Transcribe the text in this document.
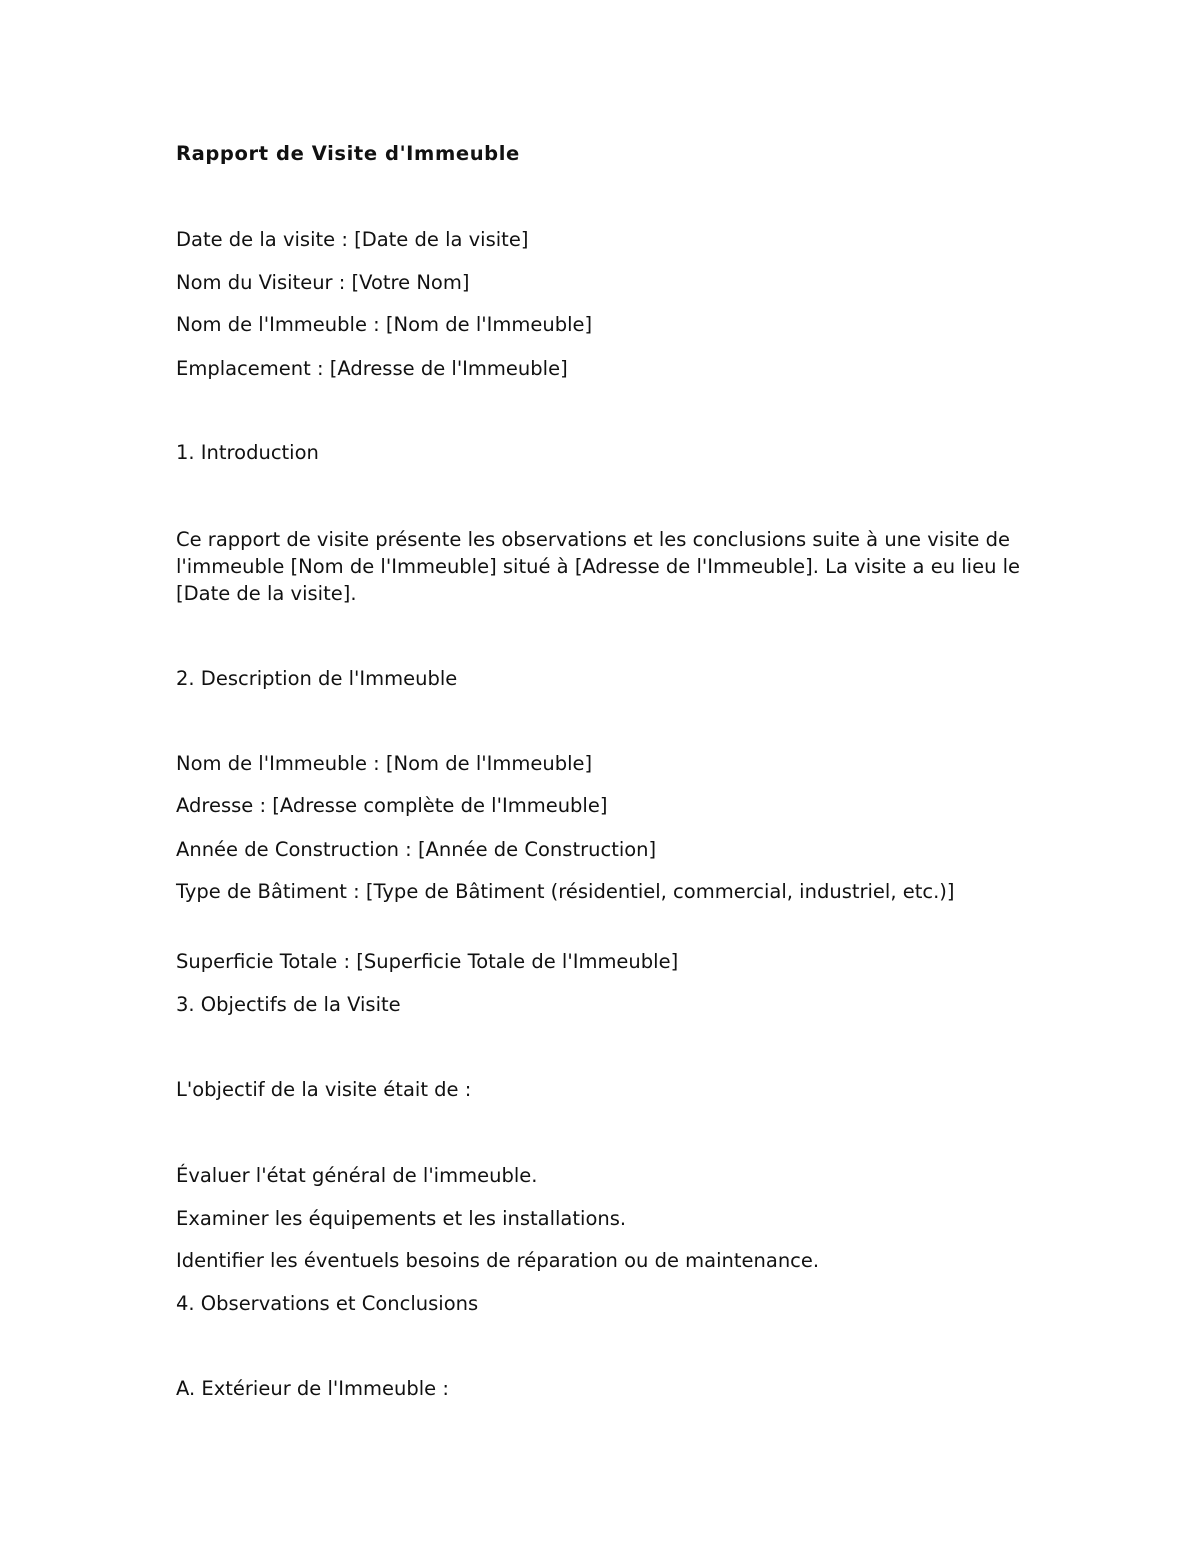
Rapport de Visite d'Immeuble
Date de la visite : [Date de la visite]
Nom du Visiteur : [Votre Nom]
Nom de l'Immeuble : [Nom de l'Immeuble]
Emplacement : [Adresse de l'Immeuble]
1. Introduction
Ce rapport de visite présente les observations et les conclusions suite à une visite de l'immeuble [Nom de l'Immeuble] situé à [Adresse de l'Immeuble]. La visite a eu lieu le [Date de la visite].
2. Description de l'Immeuble
Nom de l'Immeuble : [Nom de l'Immeuble]
Adresse : [Adresse complète de l'Immeuble]
Année de Construction : [Année de Construction]
Type de Bâtiment : [Type de Bâtiment (résidentiel, commercial, industriel, etc.)]
Superficie Totale : [Superficie Totale de l'Immeuble]
3. Objectifs de la Visite
L'objectif de la visite était de :
Évaluer l'état général de l'immeuble.
Examiner les équipements et les installations.
Identifier les éventuels besoins de réparation ou de maintenance.
4. Observations et Conclusions
A. Extérieur de l'Immeuble :
